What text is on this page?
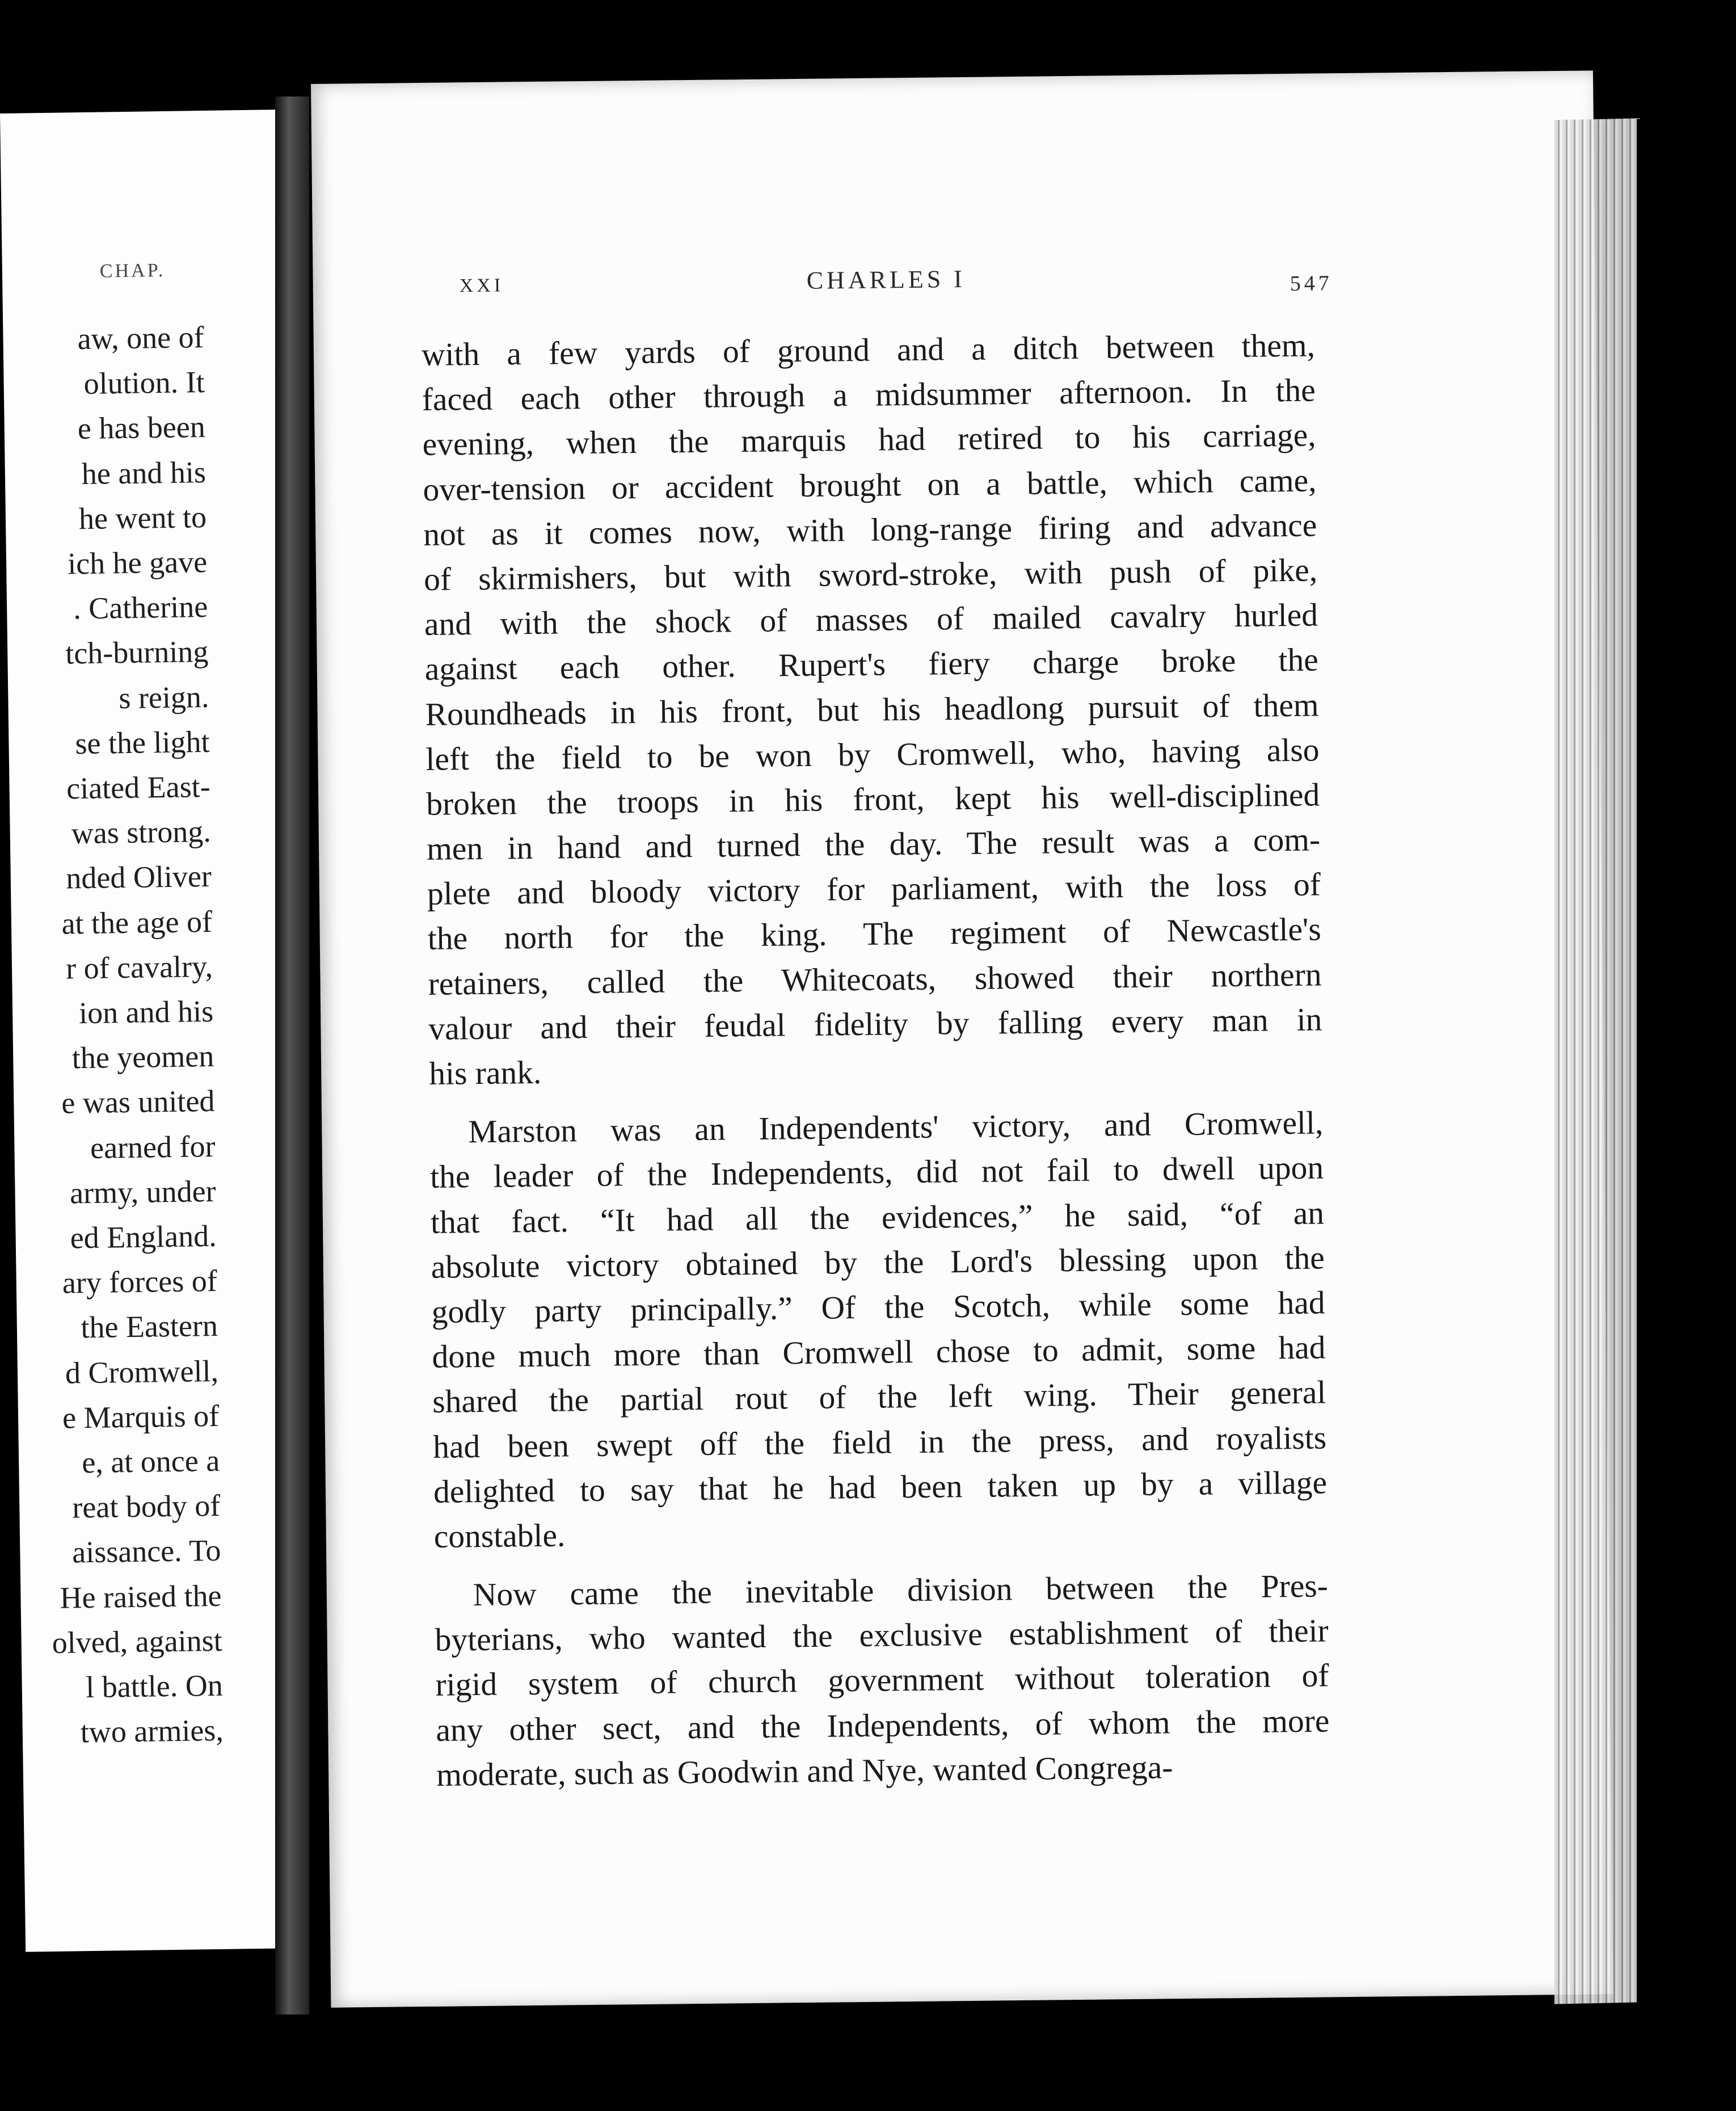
CHAP.
aw, one of
olution. It
e has been
he and his
he went to
ich he gave
. Catherine
tch-burning
s reign.
se the light
ciated East-
was strong.
nded Oliver
at the age of
r of cavalry,
ion and his
the yeomen
e was united
earned for
army, under
ed England.
ary forces of
the Eastern
d Cromwell,
e Marquis of
e, at once a
reat body of
aissance. To
He raised the
olved, against
l battle. On
two armies,
XXI	CHARLES I	547
with a few yards of ground and a ditch between them,
faced each other through a midsummer afternoon. In the
evening, when the marquis had retired to his carriage,
over-tension or accident brought on a battle, which came,
not as it comes now, with long-range firing and advance
of skirmishers, but with sword-stroke, with push of pike,
and with the shock of masses of mailed cavalry hurled
against each other. Rupert's fiery charge broke the
Roundheads in his front, but his headlong pursuit of them
left the field to be won by Cromwell, who, having also
broken the troops in his front, kept his well-disciplined
men in hand and turned the day. The result was a com-
plete and bloody victory for parliament, with the loss of
the north for the king. The regiment of Newcastle's
retainers, called the Whitecoats, showed their northern
valour and their feudal fidelity by falling every man in
his rank.
Marston was an Independents' victory, and Cromwell,
the leader of the Independents, did not fail to dwell upon
that fact. “It had all the evidences,” he said, “of an
absolute victory obtained by the Lord's blessing upon the
godly party principally.” Of the Scotch, while some had
done much more than Cromwell chose to admit, some had
shared the partial rout of the left wing. Their general
had been swept off the field in the press, and royalists
delighted to say that he had been taken up by a village
constable.
Now came the inevitable division between the Pres-
byterians, who wanted the exclusive establishment of their
rigid system of church government without toleration of
any other sect, and the Independents, of whom the more
moderate, such as Goodwin and Nye, wanted Congrega-
